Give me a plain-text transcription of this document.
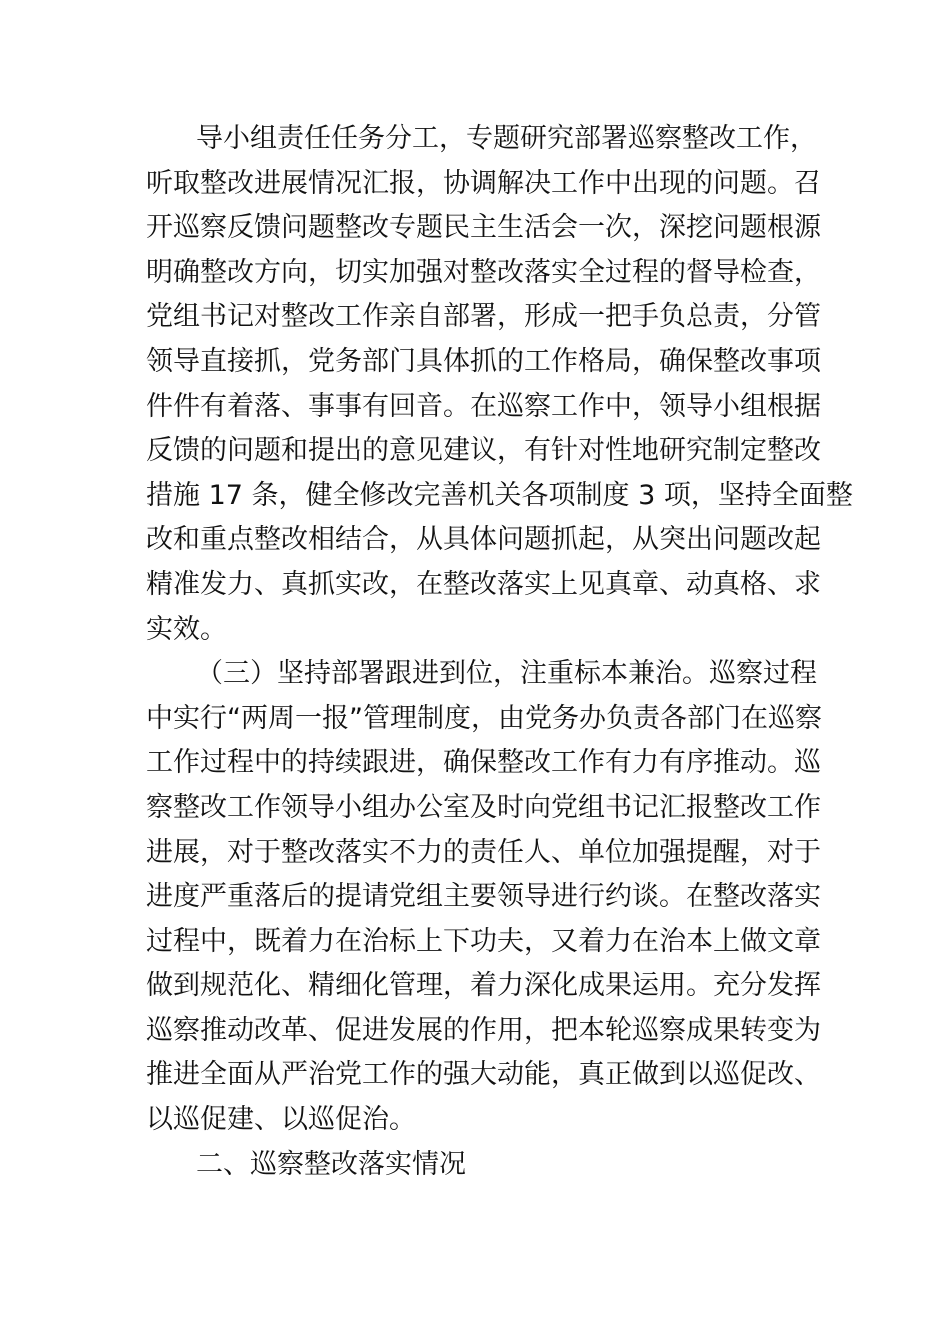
导小组责任任务分工，专题研究部署巡察整改工作，
听取整改进展情况汇报，协调解决工作中出现的问题。召
开巡察反馈问题整改专题民主生活会一次，深挖问题根源
明确整改方向，切实加强对整改落实全过程的督导检查，
党组书记对整改工作亲自部署，形成一把手负总责，分管
领导直接抓，党务部门具体抓的工作格局，确保整改事项
件件有着落、事事有回音。在巡察工作中，领导小组根据
反馈的问题和提出的意见建议，有针对性地研究制定整改
措施 17 条，健全修改完善机关各项制度 3 项，坚持全面整
改和重点整改相结合，从具体问题抓起，从突出问题改起
精准发力、真抓实改，在整改落实上见真章、动真格、求
实效。
（三）坚持部署跟进到位，注重标本兼治。巡察过程
中实行“两周一报”管理制度，由党务办负责各部门在巡察
工作过程中的持续跟进，确保整改工作有力有序推动。巡
察整改工作领导小组办公室及时向党组书记汇报整改工作
进展，对于整改落实不力的责任人、单位加强提醒，对于
进度严重落后的提请党组主要领导进行约谈。在整改落实
过程中，既着力在治标上下功夫，又着力在治本上做文章
做到规范化、精细化管理，着力深化成果运用。充分发挥
巡察推动改革、促进发展的作用，把本轮巡察成果转变为
推进全面从严治党工作的强大动能，真正做到以巡促改、
以巡促建、以巡促治。
二、巡察整改落实情况
